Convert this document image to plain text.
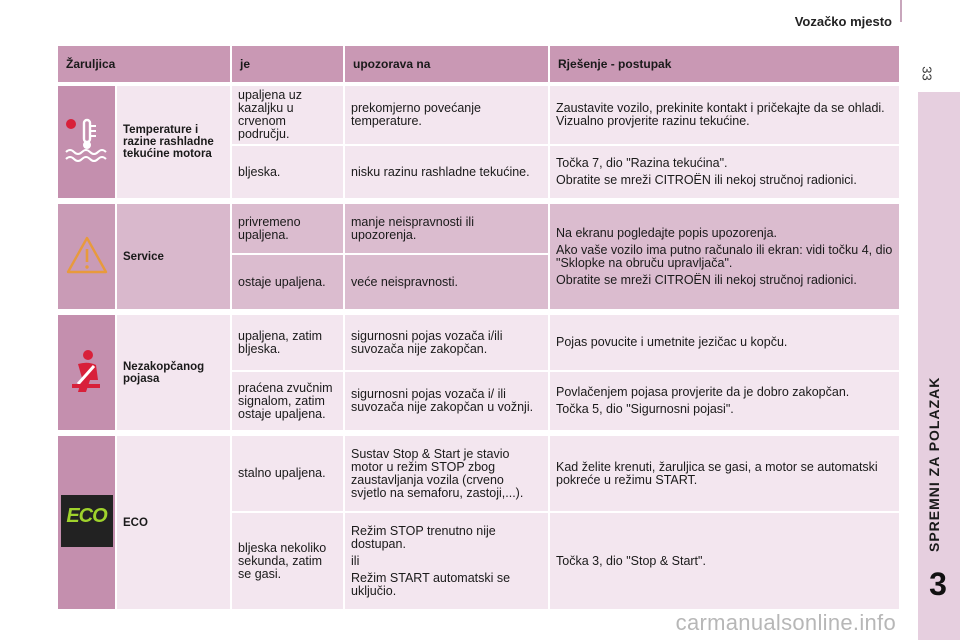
Vozačko mjesto
33
SPREMNI ZA POLAZAK
3
Žaruljica		je	upozorava na	Rješenje - postupak

	Temperature i razine rashladne tekućine motora	upaljena uz kazaljku u crvenom području.	prekomjerno povećanje temperature.	Zaustavite vozilo, prekinite kontakt i pričekajte da se ohladi. Vizualno provjerite razinu tekućine.

		bljeska.	nisku razinu rashladne tekućine.	Točka 7, dio "Razina tekućina".
Obratite se mreži CITROËN ili nekoj stručnoj radionici.

	Service	privremeno upaljena.	manje neispravnosti ili upozorenja.	Na ekranu pogledajte popis upozorenja.
Ako vaše vozilo ima putno računalo ili ekran: vidi točku 4, dio "Sklopke na obruču upravljača".
Obratite se mreži CITROËN ili nekoj stručnoj radionici.

		ostaje upaljena.	veće neispravnosti.	

	Nezakopčanog pojasa	upaljena, zatim bljeska.	sigurnosni pojas vozača i/ili suvozača nije zakopčan.	Pojas povucite i umetnite jezičac u kopču.

		praćena zvučnim signalom, zatim ostaje upaljena.	sigurnosni pojas vozača i/ ili suvozača nije zakopčan u vožnji.	Povlačenjem pojasa provjerite da je dobro zakopčan.
Točka 5, dio "Sigurnosni pojasi".

ECO	ECO	stalno upaljena.	Sustav Stop & Start je stavio motor u režim STOP zbog zaustavljanja vozila (crveno svjetlo na semaforu, zastoji,...).	Kad želite krenuti, žaruljica se gasi, a motor se automatski pokreće u režimu START.

		bljeska nekoliko sekunda, zatim se gasi.	Režim STOP trenutno nije dostupan.
ili
Režim START automatski se uključio.	Točka 3, dio "Stop & Start".
carmanualsonline.info
